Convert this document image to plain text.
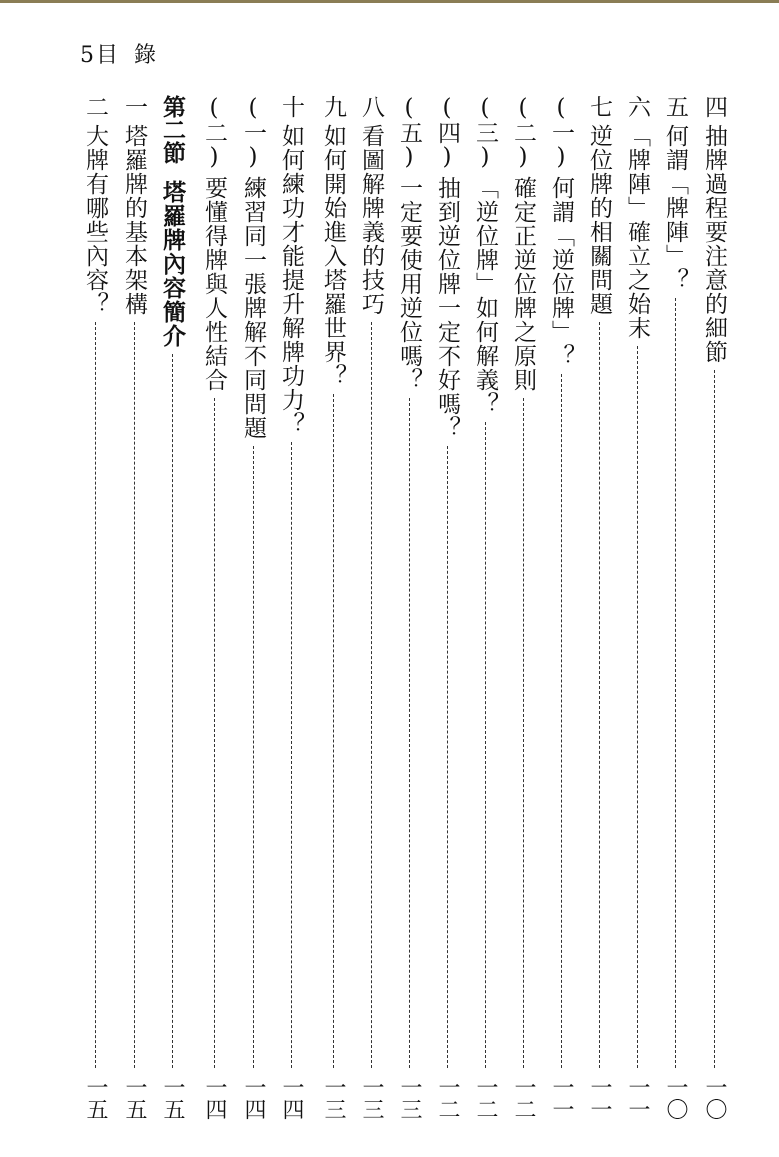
5目 錄
四
抽牌過程要注意的細節
一〇
五
何謂「牌陣」？
一〇
六
「牌陣」確立之始末
一一
七
逆位牌的相關問題
一一
(一)
何謂「逆位牌」？
一一
(二)
確定正逆位牌之原則
一二
(三)
「逆位牌」如何解義？
一二
(四)
抽到逆位牌一定不好嗎？
一二
(五)
一定要使用逆位嗎？
一三
八
看圖解牌義的技巧
一三
九
如何開始進入塔羅世界？
一三
十
如何練功才能提升解牌功力？
一四
(一)
練習同一張牌解不同問題
一四
(二)
要懂得牌與人性結合
一四
第二節
塔羅牌內容簡介
一五
一
塔羅牌的基本架構
一五
二
大牌有哪些內容？
一五
